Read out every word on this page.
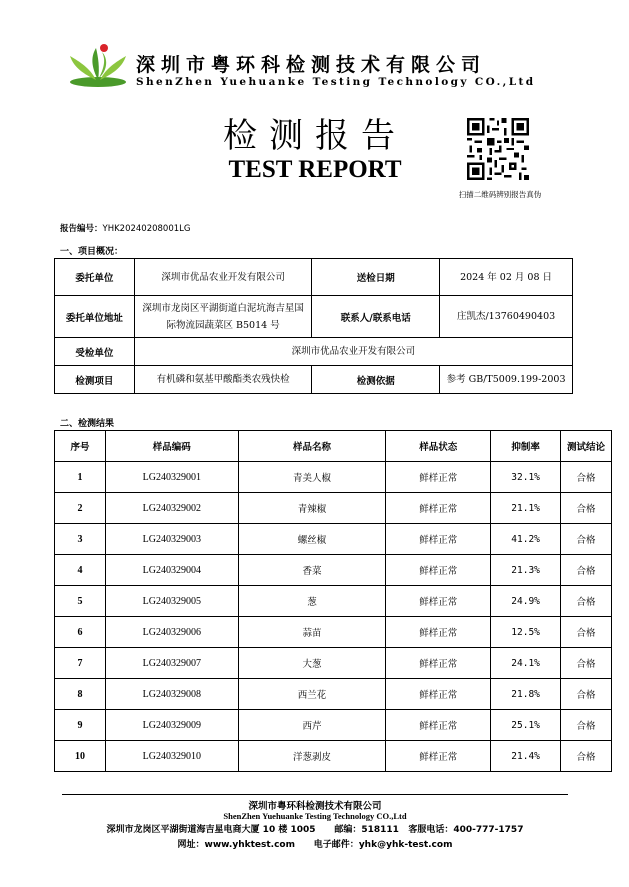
深圳市粤环科检测技术有限公司
ShenZhen Yuehuanke Testing Technology CO.,Ltd
检测报告
TEST REPORT
扫描二维码辨别报告真伪
报告编号：YHK20240208001LG
一、项目概况：
委托单位	深圳市优品农业开发有限公司	送检日期	2024 年 02 月 08 日
委托单位地址	深圳市龙岗区平湖街道白泥坑海吉星国际物流园蔬菜区 B5014 号	联系人/联系电话	庄凯杰/13760490403
受检单位	深圳市优品农业开发有限公司		
检测项目	有机磷和氨基甲酸酯类农残快检	检测依据	参考 GB/T5009.199-2003
二、检测结果
序号	样品编码	样品名称	样品状态	抑制率	测试结论
1	LG240329001	青美人椒	鲜样正常	32.1%	合格
2	LG240329002	青辣椒	鲜样正常	21.1%	合格
3	LG240329003	螺丝椒	鲜样正常	41.2%	合格
4	LG240329004	香菜	鲜样正常	21.3%	合格
5	LG240329005	葱	鲜样正常	24.9%	合格
6	LG240329006	蒜苗	鲜样正常	12.5%	合格
7	LG240329007	大葱	鲜样正常	24.1%	合格
8	LG240329008	西兰花	鲜样正常	21.8%	合格
9	LG240329009	西芹	鲜样正常	25.1%	合格
10	LG240329010	洋葱剥皮	鲜样正常	21.4%	合格
深圳市粤环科检测技术有限公司
ShenZhen Yuehuanke Testing Technology CO.,Ltd
深圳市龙岗区平湖街道海吉星电商大厦 10 楼 1005 邮编：518111 客服电话：400-777-1757
网址：www.yhktest.com 电子邮件：yhk@yhk-test.com
